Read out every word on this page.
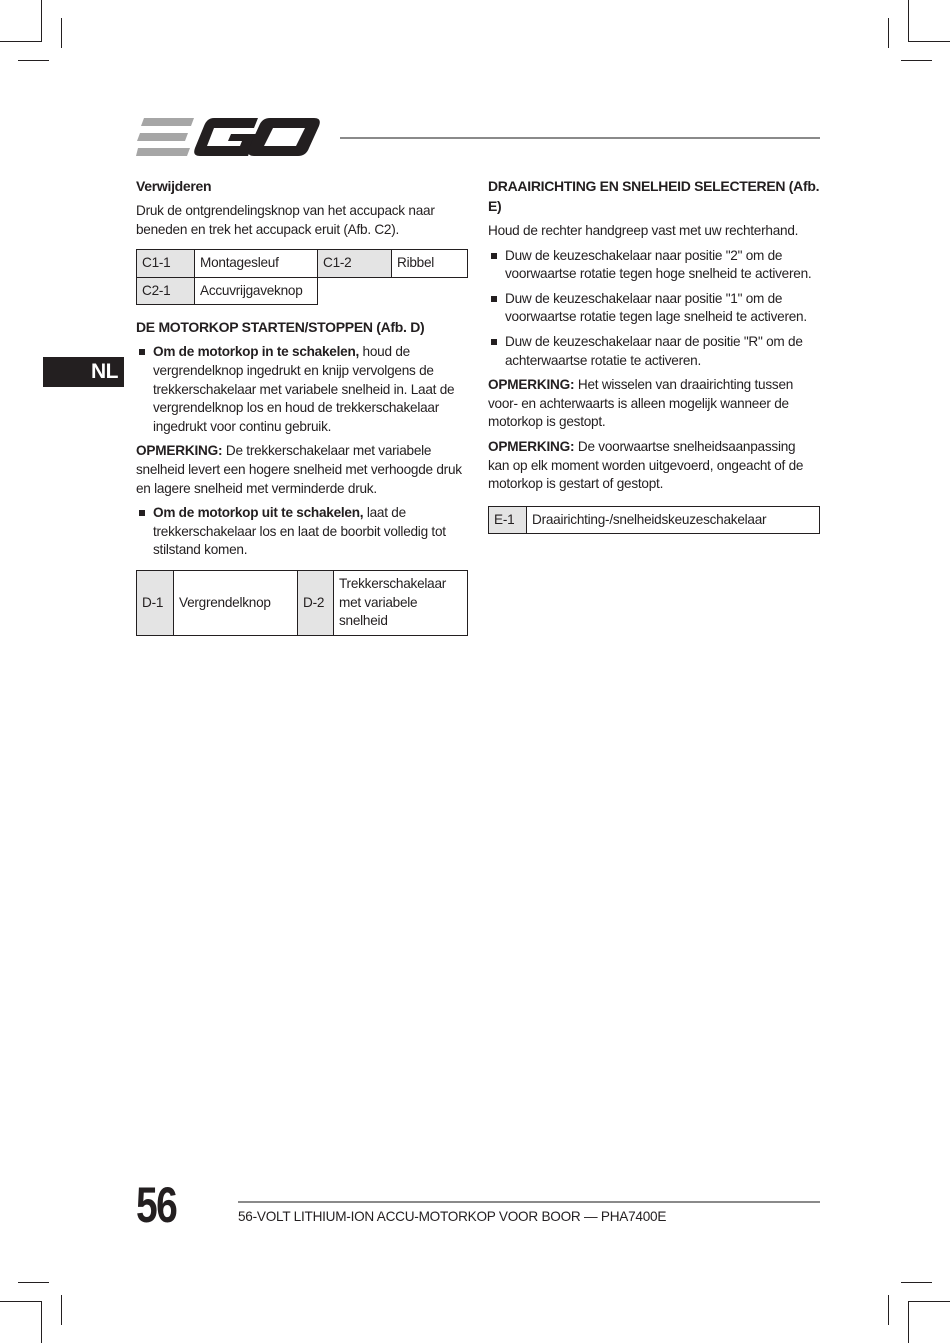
NL
Verwijderen

Druk de ontgrendelingsknop van het accupack naar beneden en trek het accupack eruit (Afb. C2).

C1-1	Montagesleuf	C1-2	Ribbel
C2-1	Accuvrijgaveknop		
DE MOTORKOP STARTEN/STOPPEN (Afb. D)
Om de motorkop in te schakelen, houd de vergrendelknop ingedrukt en knijp vervolgens de trekkerschakelaar met variabele snelheid in. Laat de vergrendelknop los en houd de trekkerschakelaar ingedrukt voor continu gebruik.

OPMERKING: De trekkerschakelaar met variabele snelheid levert een hogere snelheid met verhoogde druk en lagere snelheid met verminderde druk.

Om de motorkop uit te schakelen, laat de trekkerschakelaar los en laat de boorbit volledig tot stilstand komen.
D-1	Vergrendelknop	D-2	Trekkerschakelaar met variabele snelheid
DRAAIRICHTING EN SNELHEID SELECTEREN (Afb. E)

Houd de rechter handgreep vast met uw rechterhand.

Duw de keuzeschakelaar naar positie "2" om de voorwaartse rotatie tegen hoge snelheid te activeren.
Duw de keuzeschakelaar naar positie "1" om de voorwaartse rotatie tegen lage snelheid te activeren.
Duw de keuzeschakelaar naar de positie "R" om de achterwaartse rotatie te activeren.

OPMERKING: Het wisselen van draairichting tussen voor- en achterwaarts is alleen mogelijk wanneer de motorkop is gestopt.

OPMERKING: De voorwaartse snelheidsaanpassing kan op elk moment worden uitgevoerd, ongeacht of de motorkop is gestart of gestopt.

E-1	Draairichting-/snelheidskeuzeschakelaar
56	56-VOLT LITHIUM-ION ACCU-MOTORKOP VOOR BOOR — PHA7400E
